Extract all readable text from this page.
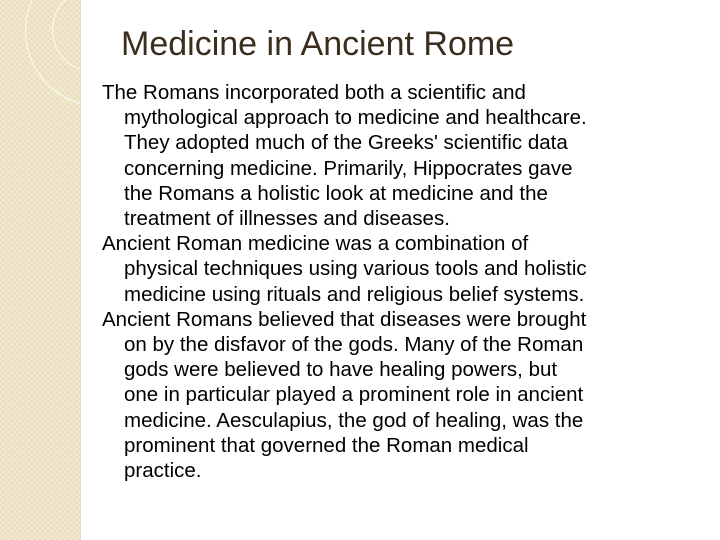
Medicine in Ancient Rome

The Romans incorporated both a scientific and
mythological approach to medicine and healthcare.
They adopted much of the Greeks' scientific data
concerning medicine. Primarily, Hippocrates gave
the Romans a holistic look at medicine and the
treatment of illnesses and diseases.

Ancient Roman medicine was a combination of
physical techniques using various tools and holistic
medicine using rituals and religious belief systems.

Ancient Romans believed that diseases were brought
on by the disfavor of the gods. Many of the Roman
gods were believed to have healing powers, but
one in particular played a prominent role in ancient
medicine. Aesculapius, the god of healing, was the
prominent that governed the Roman medical
practice.
